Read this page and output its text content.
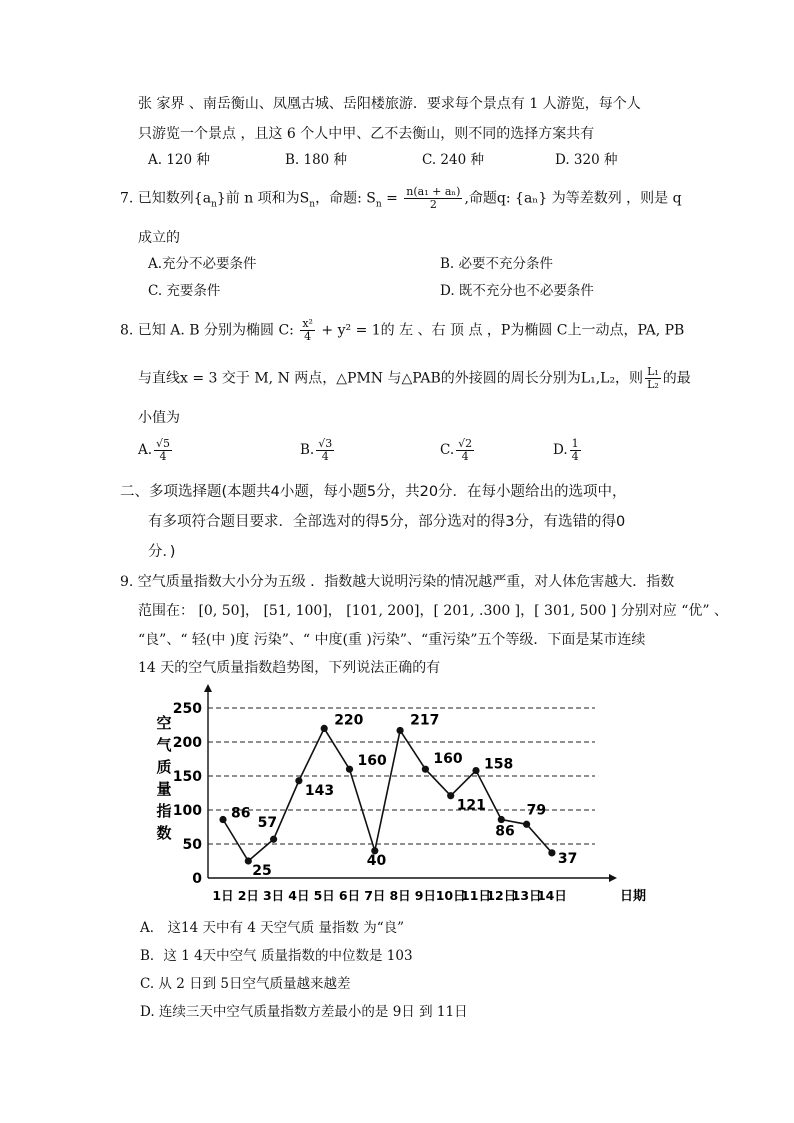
张 家界 、南岳衡山、凤凰古城、岳阳楼旅游．要求每个景点有 1 人游览，每个人
只游览一个景点 ，且这 6 个人中甲、乙不去衡山，则不同的选择方案共有
A. 120 种	B. 180 种	C. 240 种	D. 320 种
7. 已知数列$\{a_n\}$前 n 项和为$S_n$，命题: $S_n = \frac{\text{n(a₁ + aₙ)}}{2}$ ,命题q: {aₙ} 为等差数列 ，则是 q
成立的
A.充分不必要条件	B. 必要不充分条件
C. 充要条件	D. 既不充分也不必要条件
8. 已知 A. B 分别为椭圆 C: $\frac{\text{x²}}{4} + y^2 = 1$的 左 、右 顶 点 ，P为椭圆 C上一动点，PA, PB
与直线x = 3 交于 M, N 两点，△PMN 与△PAB的外接圆的周长分别为L₁,L₂，则 $\frac{\text{L₁}}{\text{L₂}}$ 的最
小值为
A. $\frac{√5}{4}$	B. $\frac{√3}{4}$	C. $\frac{√2}{4}$	D. $\frac{1}{4}$
二、多项选择题(本题共4小题，每小题5分，共20分．在每小题给出的选项中，
有多项符合题目要求．全部选对的得5分，部分选对的得3分，有选错的得0
分．)
9. 空气质量指数大小分为五级 ．指数越大说明污染的情况越严重，对人体危害越大．指数
范围在： [0, 50]， [51, 100]， [101, 200]，[ 201, .300 ]，[ 301, 500 ] 分别对应 “优” 、
“良”、“ 轻(中 )度 污染”、“ 中度(重 )污染”、“重污染”五个等级．下面是某市连续
14 天的空气质量指数趋势图，下列说法正确的有
空
气
质
量
指
数
0
50
100
150
200
250
1日 2日 3日 4日 5日 6日 7日 8日 9日 10日
11日
12日
13日
14日	日期
86
25
57
143
220
160
40
217
160
121
158
86
79
37
A． 这14 天中有 4 天空气质 量指数 为“良”
B．这 1 4天中空气 质量指数的中位数是 103
C. 从 2 日到 5日空气质量越来越差
D. 连续三天中空气质量指数方差最小的是 9日 到 11日
